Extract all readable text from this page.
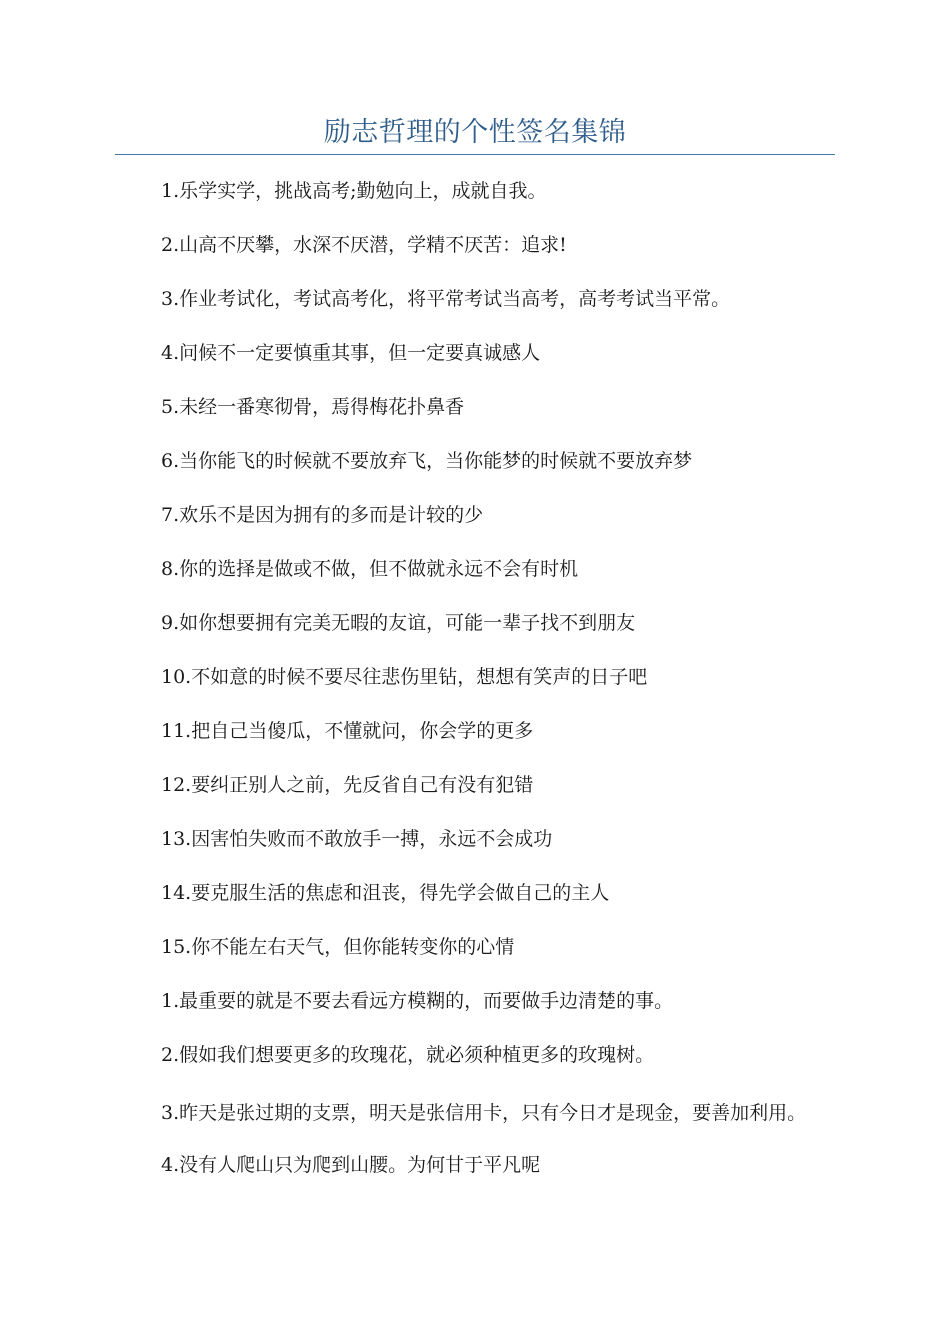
励志哲理的个性签名集锦

1.乐学实学，挑战高考;勤勉向上，成就自我。

2.山高不厌攀，水深不厌潜，学精不厌苦：追求!

3.作业考试化，考试高考化，将平常考试当高考，高考考试当平常。

4.问候不一定要慎重其事，但一定要真诚感人

5.未经一番寒彻骨，焉得梅花扑鼻香

6.当你能飞的时候就不要放弃飞，当你能梦的时候就不要放弃梦

7.欢乐不是因为拥有的多而是计较的少

8.你的选择是做或不做，但不做就永远不会有时机

9.如你想要拥有完美无暇的友谊，可能一辈子找不到朋友

10.不如意的时候不要尽往悲伤里钻，想想有笑声的日子吧

11.把自己当傻瓜，不懂就问，你会学的更多

12.要纠正别人之前，先反省自己有没有犯错

13.因害怕失败而不敢放手一搏，永远不会成功

14.要克服生活的焦虑和沮丧，得先学会做自己的主人

15.你不能左右天气，但你能转变你的心情

1.最重要的就是不要去看远方模糊的，而要做手边清楚的事。

2.假如我们想要更多的玫瑰花，就必须种植更多的玫瑰树。

3.昨天是张过期的支票，明天是张信用卡，只有今日才是现金，要善加利用。

4.没有人爬山只为爬到山腰。为何甘于平凡呢
